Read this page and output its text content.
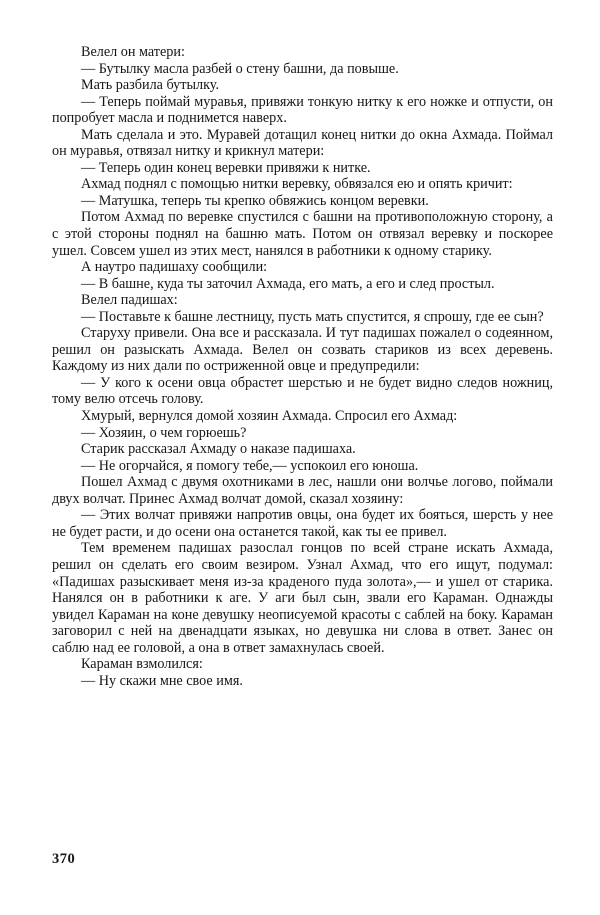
Велел он матери:

— Бутылку масла разбей о стену башни, да повыше.

Мать разбила бутылку.

— Теперь поймай муравья, привяжи тонкую нитку к его ножке и отпусти, он попробует масла и поднимется наверх.

Мать сделала и это. Муравей дотащил конец нитки до окна Ахмада. Поймал он муравья, отвязал нитку и крикнул матери:

— Теперь один конец веревки привяжи к нитке.

Ахмад поднял с помощью нитки веревку, обвязался ею и опять кричит:

— Матушка, теперь ты крепко обвяжись концом веревки.

Потом Ахмад по веревке спустился с башни на противоположную сторону, а с этой стороны поднял на башню мать. Потом он отвязал веревку и поскорее ушел. Совсем ушел из этих мест, нанялся в работники к одному старику.

А наутро падишаху сообщили:

— В башне, куда ты заточил Ахмада, его мать, а его и след простыл.

Велел падишах:

— Поставьте к башне лестницу, пусть мать спустится, я спрошу, где ее сын?

Старуху привели. Она все и рассказала. И тут падишах пожалел о содеянном, решил он разыскать Ахмада. Велел он созвать стариков из всех деревень. Каждому из них дали по остриженной овце и предупредили:

— У кого к осени овца обрастет шерстью и не будет видно следов ножниц, тому велю отсечь голову.

Хмурый, вернулся домой хозяин Ахмада. Спросил его Ахмад:

— Хозяин, о чем горюешь?

Старик рассказал Ахмаду о наказе падишаха.

— Не огорчайся, я помогу тебе,— успокоил его юноша.

Пошел Ахмад с двумя охотниками в лес, нашли они волчье логово, поймали двух волчат. Принес Ахмад волчат домой, сказал хозяину:

— Этих волчат привяжи напротив овцы, она будет их бояться, шерсть у нее не будет расти, и до осени она останется такой, как ты ее привел.

Тем временем падишах разослал гонцов по всей стране искать Ахмада, решил он сделать его своим везиром. Узнал Ахмад, что его ищут, подумал: «Падишах разыскивает меня из-за краденого пуда золота»,— и ушел от старика. Нанялся он в работники к аге. У аги был сын, звали его Караман. Однажды увидел Караман на коне девушку неописуемой красоты с саблей на боку. Караман заговорил с ней на двенадцати языках, но девушка ни слова в ответ. Занес он саблю над ее головой, а она в ответ замахнулась своей.

Караман взмолился:

— Ну скажи мне свое имя.

370
